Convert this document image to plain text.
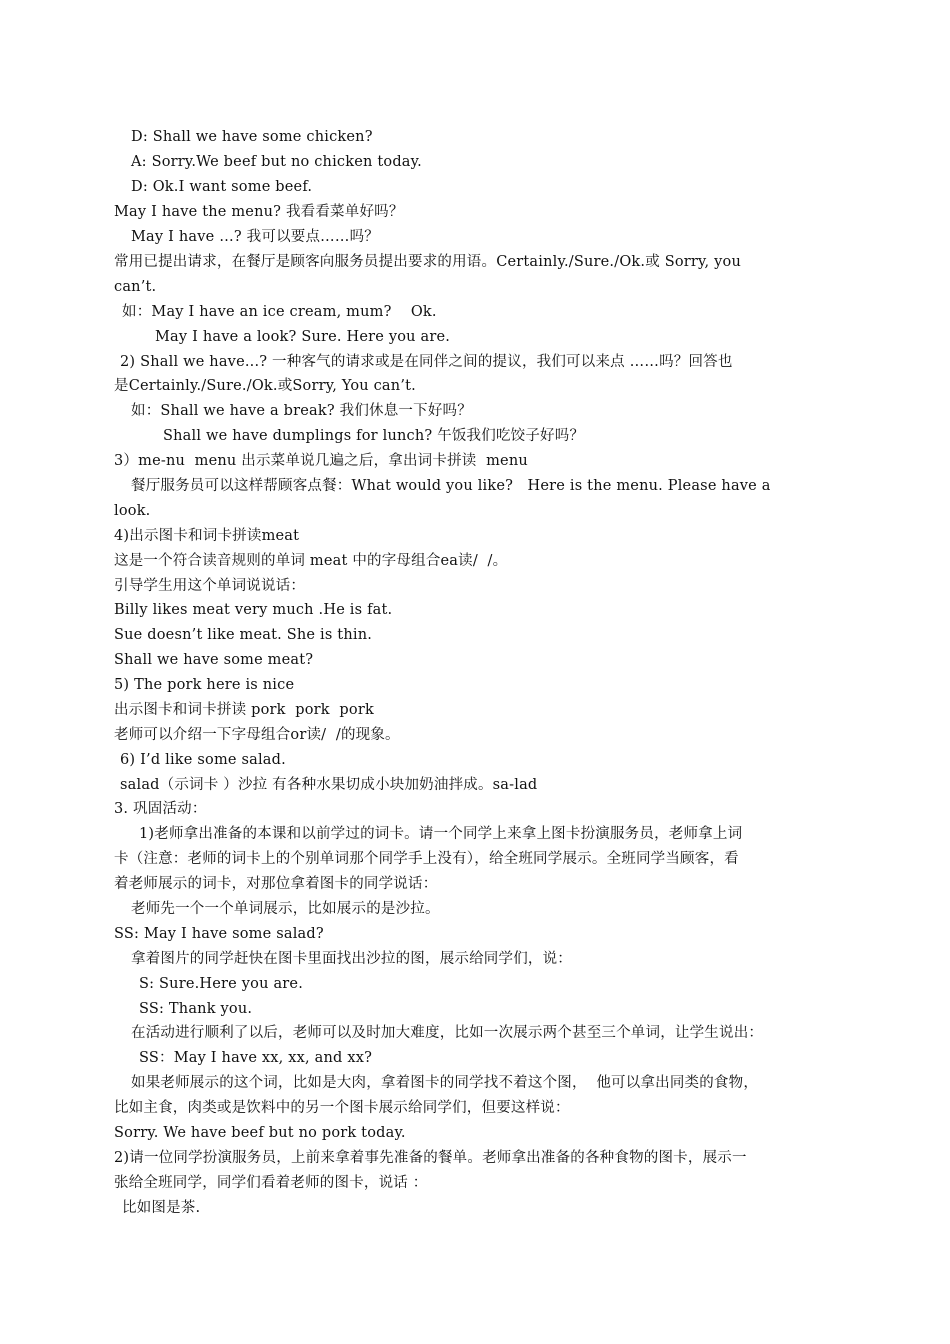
D: Shall we have some chicken?
A: Sorry.We beef but no chicken today.
D: Ok.I want some beef.
May I have the menu? 我看看菜单好吗？
May I have …? 我可以要点……吗？
常用已提出请求，在餐厅是顾客向服务员提出要求的用语。Certainly./Sure./Ok.或 Sorry, you
can’t.
如：May I have an ice cream, mum?    Ok.
May I have a look? Sure. Here you are.
2) Shall we have...? 一种客气的请求或是在同伴之间的提议，我们可以来点 ……吗？回答也
是Certainly./Sure./Ok.或Sorry, You can’t.
如：Shall we have a break? 我们休息一下好吗？
Shall we have dumplings for lunch? 午饭我们吃饺子好吗？
3）me-nu  menu 出示菜单说几遍之后，拿出词卡拼读  menu
餐厅服务员可以这样帮顾客点餐：What would you like?   Here is the menu. Please have a
look.
4)出示图卡和词卡拼读meat
这是一个符合读音规则的单词 meat 中的字母组合ea读/  /。
引导学生用这个单词说说话：
Billy likes meat very much .He is fat.
Sue doesn’t like meat. She is thin.
Shall we have some meat?
5) The pork here is nice
出示图卡和词卡拼读 pork  pork  pork
老师可以介绍一下字母组合or读/  /的现象。
6) I’d like some salad.
salad（示词卡 ）沙拉 有各种水果切成小块加奶油拌成。sa-lad
3. 巩固活动：
1)老师拿出准备的本课和以前学过的词卡。请一个同学上来拿上图卡扮演服务员，老师拿上词
卡（注意：老师的词卡上的个别单词那个同学手上没有），给全班同学展示。全班同学当顾客，看
着老师展示的词卡，对那位拿着图卡的同学说话：
老师先一个一个单词展示，比如展示的是沙拉。
SS: May I have some salad?
拿着图片的同学赶快在图卡里面找出沙拉的图，展示给同学们，说：
S: Sure.Here you are.
SS: Thank you.
在活动进行顺利了以后，老师可以及时加大难度，比如一次展示两个甚至三个单词，让学生说出：
SS：May I have xx, xx, and xx?
如果老师展示的这个词，比如是大肉，拿着图卡的同学找不着这个图，  他可以拿出同类的食物，
比如主食，肉类或是饮料中的另一个图卡展示给同学们，但要这样说：
Sorry. We have beef but no pork today.
2)请一位同学扮演服务员，上前来拿着事先准备的餐单。老师拿出准备的各种食物的图卡，展示一
张给全班同学，同学们看着老师的图卡，说话 ：
比如图是茶.
